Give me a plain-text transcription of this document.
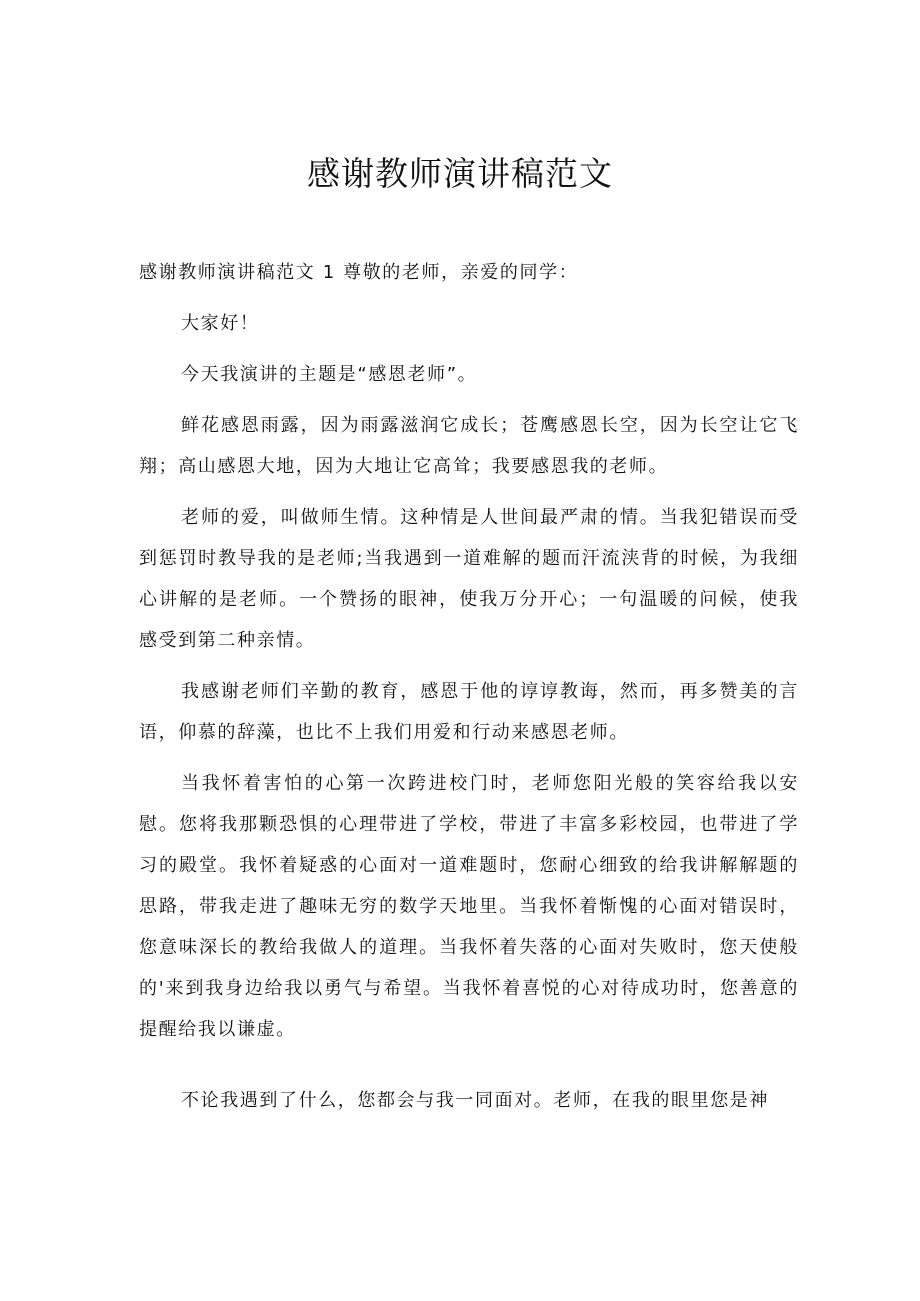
感谢教师演讲稿范文

感谢教师演讲稿范文 1 尊敬的老师，亲爱的同学：

大家好！

今天我演讲的主题是“感恩老师”。

鲜花感恩雨露，因为雨露滋润它成长；苍鹰感恩长空，因为长空让它飞翔；高山感恩大地，因为大地让它高耸；我要感恩我的老师。

老师的爱，叫做师生情。这种情是人世间最严肃的情。当我犯错误而受到惩罚时教导我的是老师;当我遇到一道难解的题而汗流浃背的时候，为我细心讲解的是老师。一个赞扬的眼神，使我万分开心；一句温暖的问候，使我感受到第二种亲情。

我感谢老师们辛勤的教育，感恩于他的谆谆教诲，然而，再多赞美的言语，仰慕的辞藻，也比不上我们用爱和行动来感恩老师。

当我怀着害怕的心第一次跨进校门时，老师您阳光般的笑容给我以安慰。您将我那颗恐惧的心理带进了学校，带进了丰富多彩校园，也带进了学习的殿堂。我怀着疑惑的心面对一道难题时，您耐心细致的给我讲解解题的思路，带我走进了趣味无穷的数学天地里。当我怀着惭愧的心面对错误时，您意味深长的教给我做人的道理。当我怀着失落的心面对失败时，您天使般的'来到我身边给我以勇气与希望。当我怀着喜悦的心对待成功时，您善意的提醒给我以谦虚。

不论我遇到了什么，您都会与我一同面对。老师，在我的眼里您是神
